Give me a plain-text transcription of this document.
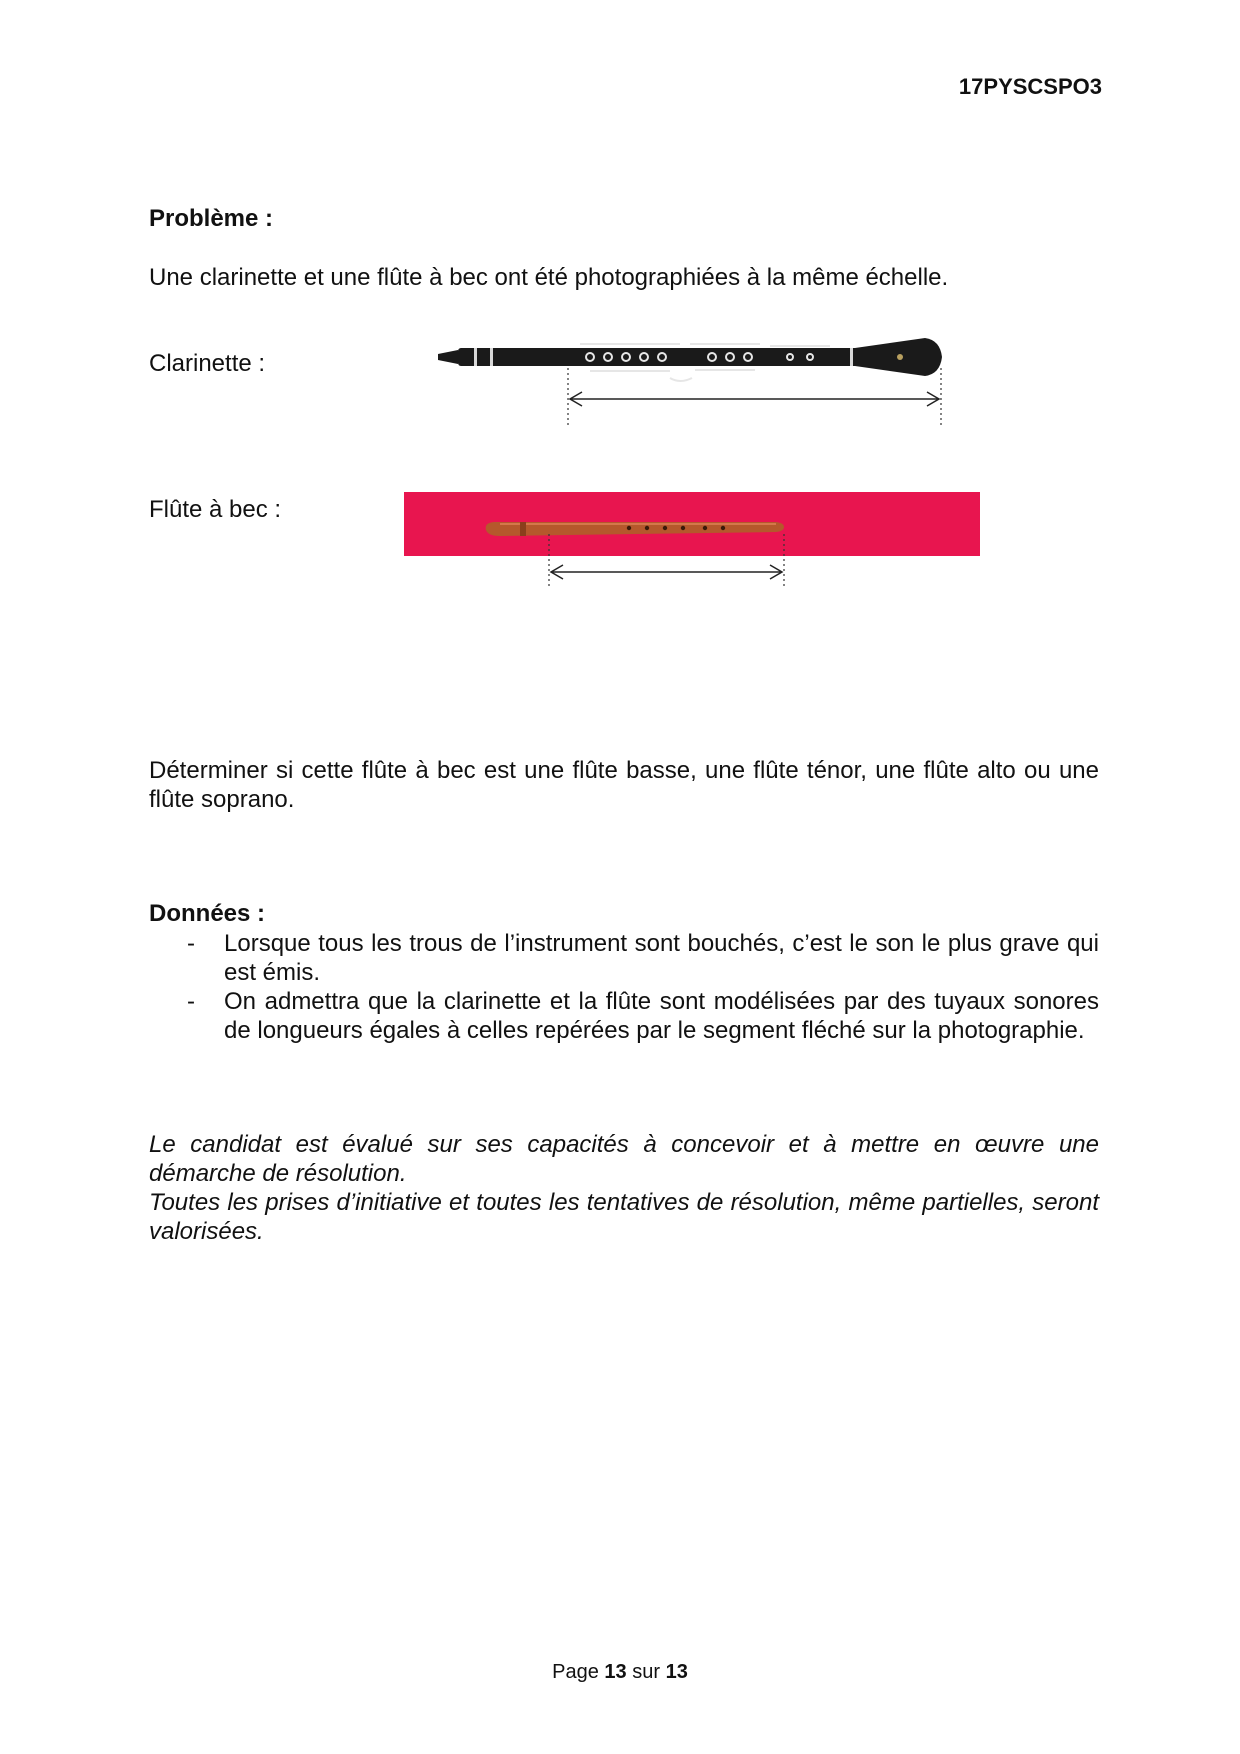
17PYSCSPO3
Problème :
Une clarinette et une flûte à bec ont été photographiées à la même échelle.
Clarinette :
Flûte à bec :
Déterminer si cette flûte à bec est une flûte basse, une flûte ténor, une flûte alto ou une flûte soprano.
Données :

- Lorsque tous les trous de l’instrument sont bouchés, c’est le son le plus grave qui est émis.

- On admettra que la clarinette et la flûte sont modélisées par des tuyaux sonores de longueurs égales à celles repérées par le segment fléché sur la photographie.

Le candidat est évalué sur ses capacités à concevoir et à mettre en œuvre une démarche de résolution.

Toutes les prises d’initiative et toutes les tentatives de résolution, même partielles, seront valorisées.

Page 13 sur 13
